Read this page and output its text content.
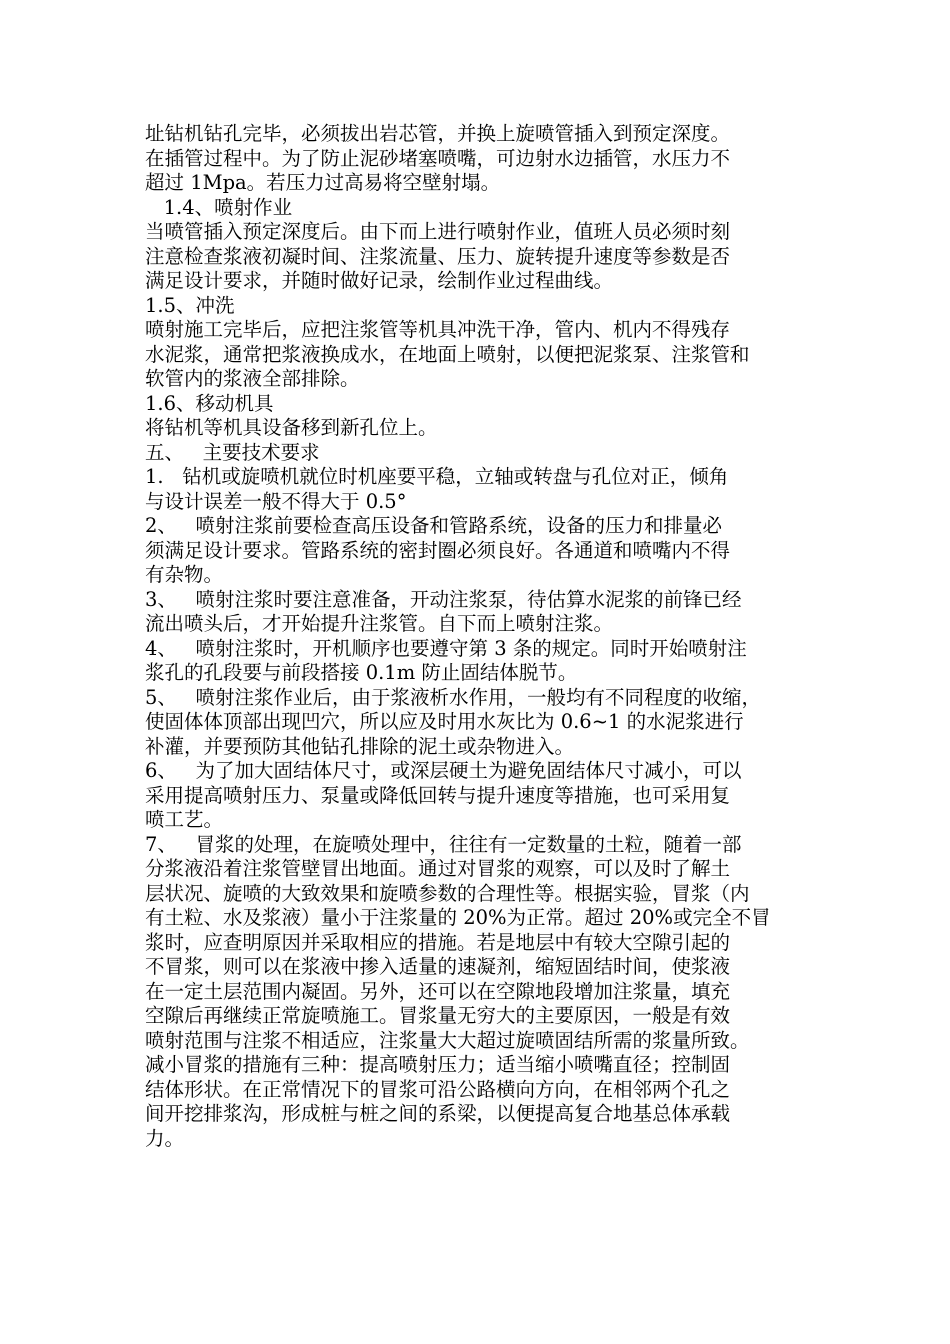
址钻机钻孔完毕，必须拔出岩芯管，并换上旋喷管插入到预定深度。
在插管过程中。为了防止泥砂堵塞喷嘴，可边射水边插管，水压力不
超过 1Mpa。若压力过高易将空壁射塌。
1.4、喷射作业
当喷管插入预定深度后。由下而上进行喷射作业，值班人员必须时刻
注意检查浆液初凝时间、注浆流量、压力、旋转提升速度等参数是否
满足设计要求，并随时做好记录，绘制作业过程曲线。
1.5、冲洗
喷射施工完毕后，应把注浆管等机具冲洗干净，管内、机内不得残存
水泥浆，通常把浆液换成水，在地面上喷射，以便把泥浆泵、注浆管和
软管内的浆液全部排除。
1.6、移动机具
将钻机等机具设备移到新孔位上。
五、   主要技术要求
1.   钻机或旋喷机就位时机座要平稳，立轴或转盘与孔位对正，倾角
与设计误差一般不得大于 0.5°
2、   喷射注浆前要检查高压设备和管路系统，设备的压力和排量必
须满足设计要求。管路系统的密封圈必须良好。各通道和喷嘴内不得
有杂物。
3、   喷射注浆时要注意准备，开动注浆泵，待估算水泥浆的前锋已经
流出喷头后，才开始提升注浆管。自下而上喷射注浆。
4、   喷射注浆时，开机顺序也要遵守第 3 条的规定。同时开始喷射注
浆孔的孔段要与前段搭接 0.1m 防止固结体脱节。
5、   喷射注浆作业后，由于浆液析水作用，一般均有不同程度的收缩，
使固体体顶部出现凹穴，所以应及时用水灰比为 0.6~1 的水泥浆进行
补灌，并要预防其他钻孔排除的泥土或杂物进入。
6、   为了加大固结体尺寸，或深层硬土为避免固结体尺寸减小，可以
采用提高喷射压力、泵量或降低回转与提升速度等措施，也可采用复
喷工艺。
7、   冒浆的处理，在旋喷处理中，往往有一定数量的土粒，随着一部
分浆液沿着注浆管壁冒出地面。通过对冒浆的观察，可以及时了解土
层状况、旋喷的大致效果和旋喷参数的合理性等。根据实验，冒浆（内
有土粒、水及浆液）量小于注浆量的 20%为正常。超过 20%或完全不冒
浆时，应查明原因并采取相应的措施。若是地层中有较大空隙引起的
不冒浆，则可以在浆液中掺入适量的速凝剂，缩短固结时间，使浆液
在一定土层范围内凝固。另外，还可以在空隙地段增加注浆量，填充
空隙后再继续正常旋喷施工。冒浆量无穷大的主要原因，一般是有效
喷射范围与注浆不相适应，注浆量大大超过旋喷固结所需的浆量所致。
减小冒浆的措施有三种：提高喷射压力；适当缩小喷嘴直径；控制固
结体形状。在正常情况下的冒浆可沿公路横向方向，在相邻两个孔之
间开挖排浆沟，形成桩与桩之间的系梁，以便提高复合地基总体承载
力。
